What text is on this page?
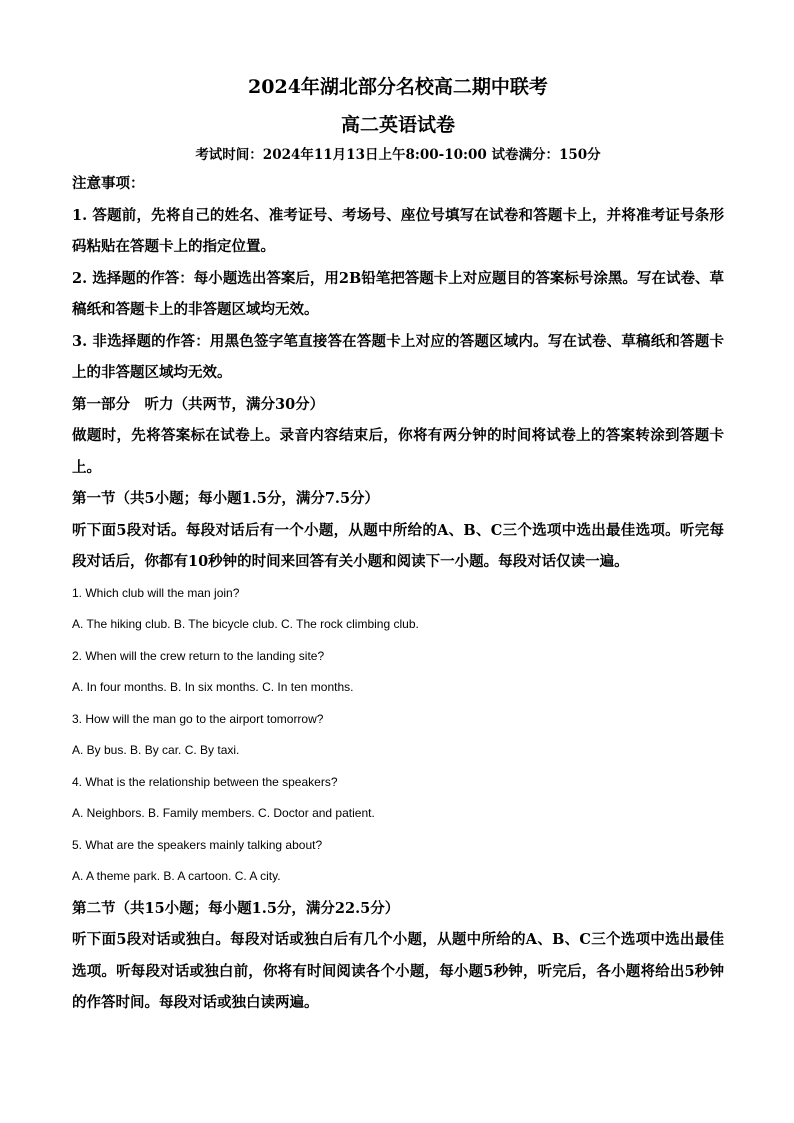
2024年湖北部分名校高二期中联考
高二英语试卷

考试时间：2024年11月13日上午8:00-10:00 试卷满分：150分

注意事项：

1. 答题前，先将自己的姓名、准考证号、考场号、座位号填写在试卷和答题卡上，并将准考证号条形码粘贴在答题卡上的指定位置。

2. 选择题的作答：每小题选出答案后，用2B铅笔把答题卡上对应题目的答案标号涂黑。写在试卷、草稿纸和答题卡上的非答题区域均无效。

3. 非选择题的作答：用黑色签字笔直接答在答题卡上对应的答题区域内。写在试卷、草稿纸和答题卡上的非答题区域均无效。

第一部分　听力（共两节，满分30分）

做题时，先将答案标在试卷上。录音内容结束后，你将有两分钟的时间将试卷上的答案转涂到答题卡上。

第一节（共5小题；每小题1.5分，满分7.5分）

听下面5段对话。每段对话后有一个小题，从题中所给的A、B、C三个选项中选出最佳选项。听完每段对话后，你都有10秒钟的时间来回答有关小题和阅读下一小题。每段对话仅读一遍。

1. Which club will the man join?

A. The hiking club. B. The bicycle club. C. The rock climbing club.

2. When will the crew return to the landing site?

A. In four months. B. In six months. C. In ten months.

3. How will the man go to the airport tomorrow?

A. By bus. B. By car. C. By taxi.

4. What is the relationship between the speakers?

A. Neighbors. B. Family members. C. Doctor and patient.

5. What are the speakers mainly talking about?

A. A theme park. B. A cartoon. C. A city.

第二节（共15小题；每小题1.5分，满分22.5分）

听下面5段对话或独白。每段对话或独白后有几个小题，从题中所给的A、B、C三个选项中选出最佳选项。听每段对话或独白前，你将有时间阅读各个小题，每小题5秒钟，听完后，各小题将给出5秒钟的作答时间。每段对话或独白读两遍。
